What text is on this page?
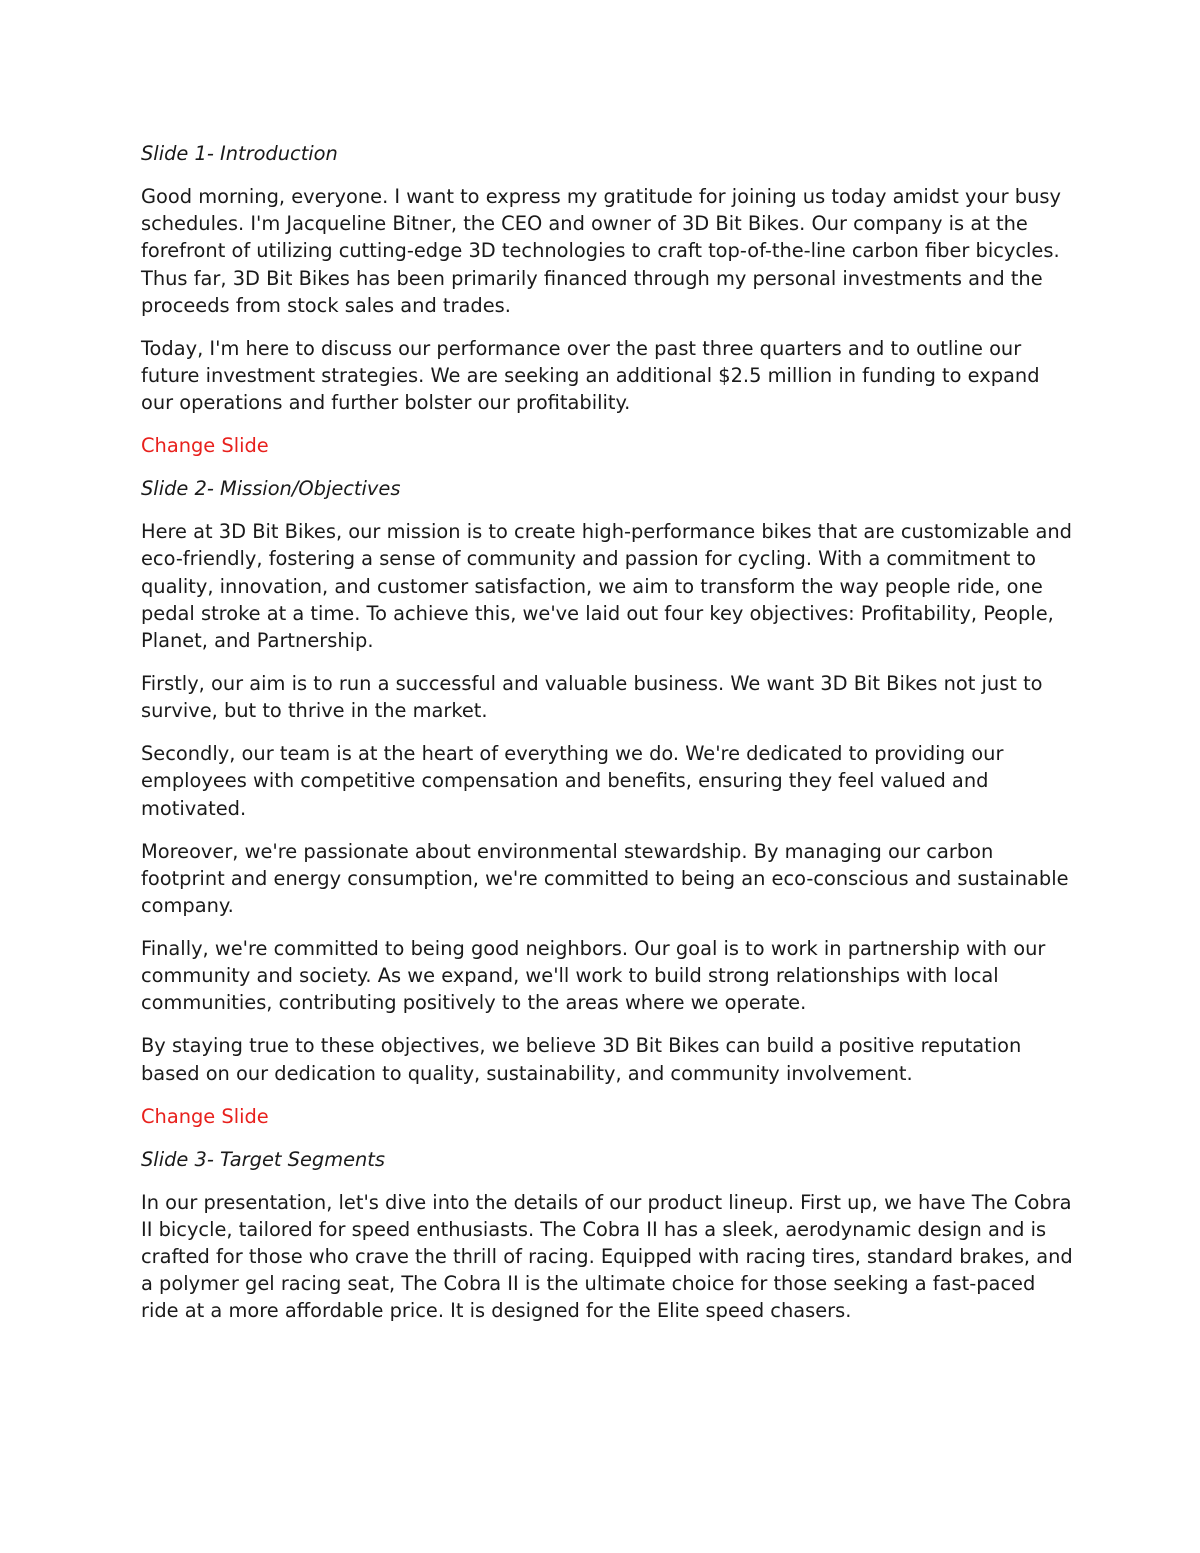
Slide 1- Introduction

Good morning, everyone. I want to express my gratitude for joining us today amidst your busy schedules. I'm Jacqueline Bitner, the CEO and owner of 3D Bit Bikes. Our company is at the forefront of utilizing cutting-edge 3D technologies to craft top-of-the-line carbon fiber bicycles. Thus far, 3D Bit Bikes has been primarily financed through my personal investments and the proceeds from stock sales and trades.

Today, I'm here to discuss our performance over the past three quarters and to outline our future investment strategies. We are seeking an additional $2.5 million in funding to expand our operations and further bolster our profitability.

Change Slide

Slide 2- Mission/Objectives

Here at 3D Bit Bikes, our mission is to create high-performance bikes that are customizable and eco-friendly, fostering a sense of community and passion for cycling. With a commitment to quality, innovation, and customer satisfaction, we aim to transform the way people ride, one pedal stroke at a time. To achieve this, we've laid out four key objectives: Profitability, People, Planet, and Partnership.

Firstly, our aim is to run a successful and valuable business. We want 3D Bit Bikes not just to survive, but to thrive in the market.

Secondly, our team is at the heart of everything we do. We're dedicated to providing our employees with competitive compensation and benefits, ensuring they feel valued and motivated.

Moreover, we're passionate about environmental stewardship. By managing our carbon footprint and energy consumption, we're committed to being an eco-conscious and sustainable company.

Finally, we're committed to being good neighbors. Our goal is to work in partnership with our community and society. As we expand, we'll work to build strong relationships with local communities, contributing positively to the areas where we operate.

By staying true to these objectives, we believe 3D Bit Bikes can build a positive reputation based on our dedication to quality, sustainability, and community involvement.

Change Slide

Slide 3- Target Segments

In our presentation, let's dive into the details of our product lineup. First up, we have The Cobra II bicycle, tailored for speed enthusiasts. The Cobra II has a sleek, aerodynamic design and is crafted for those who crave the thrill of racing. Equipped with racing tires, standard brakes, and a polymer gel racing seat, The Cobra II is the ultimate choice for those seeking a fast-paced ride at a more affordable price. It is designed for the Elite speed chasers.
